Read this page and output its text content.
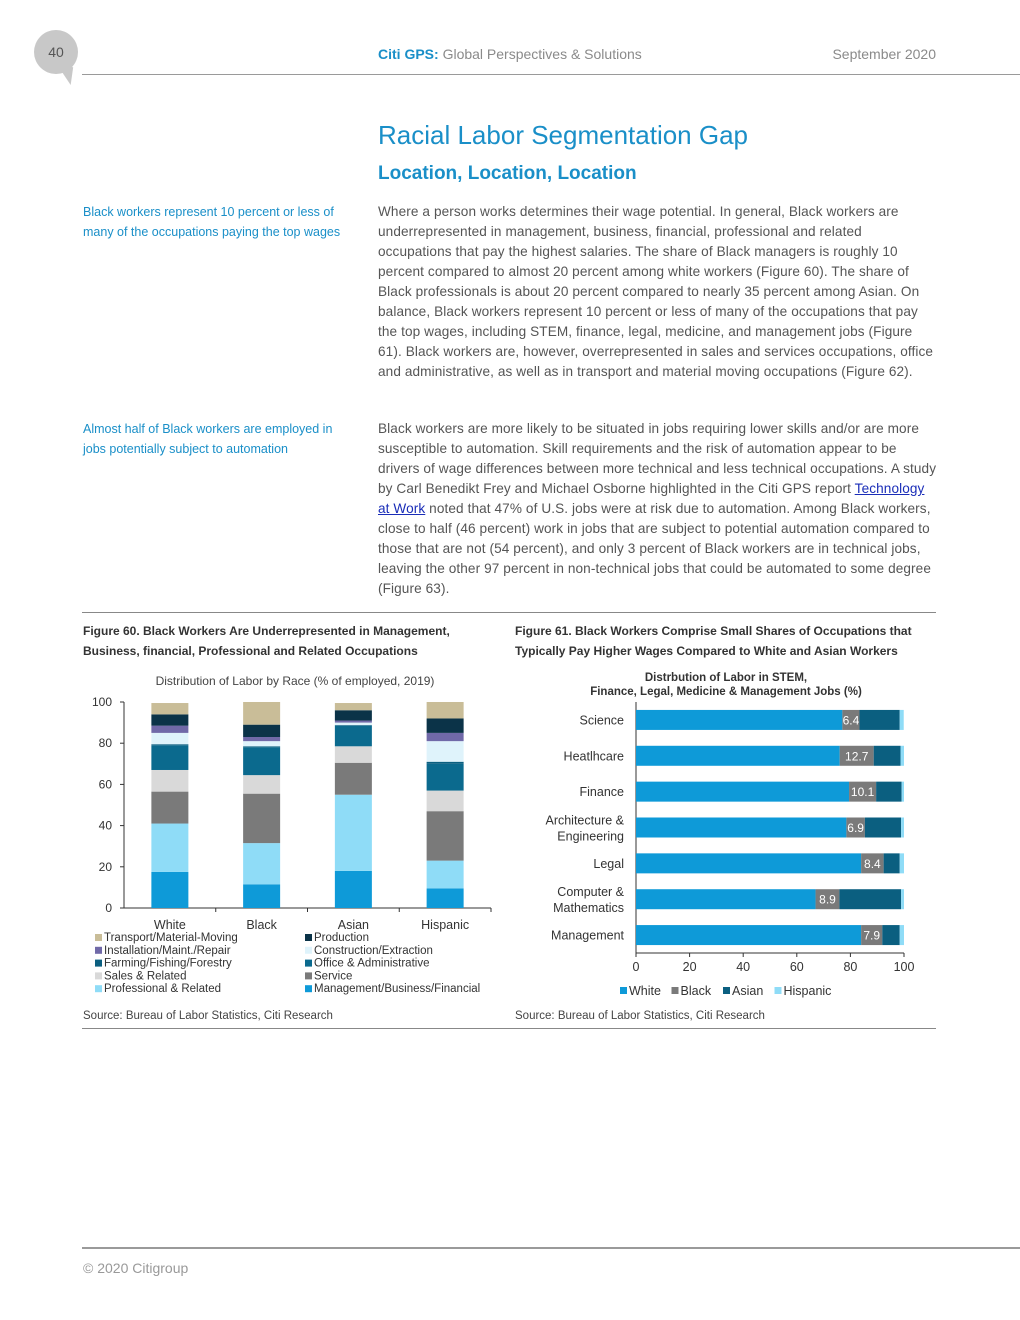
40	Citi GPS: Global Perspectives & Solutions	September 2020
Racial Labor Segmentation Gap
Location, Location, Location
Black workers represent 10 percent or less of many of the occupations paying the top wages
Almost half of Black workers are employed in jobs potentially subject to automation
Where a person works determines their wage potential. In general, Black workers are underrepresented in management, business, financial, professional and related occupations that pay the highest salaries. The share of Black managers is roughly 10 percent compared to almost 20 percent among white workers (Figure 60). The share of Black professionals is about 20 percent compared to nearly 35 percent among Asian. On balance, Black workers represent 10 percent or less of many of the occupations that pay the top wages, including STEM, finance, legal, medicine, and management jobs (Figure 61). Black workers are, however, overrepresented in sales and services occupations, office and administrative, as well as in transport and material moving occupations (Figure 62).
Black workers are more likely to be situated in jobs requiring lower skills and/or are more susceptible to automation. Skill requirements and the risk of automation appear to be drivers of wage differences between more technical and less technical occupations. A study by Carl Benedikt Frey and Michael Osborne highlighted in the Citi GPS report Technology at Work noted that 47% of U.S. jobs were at risk due to automation. Among Black workers, close to half (46 percent) work in jobs that are subject to potential automation compared to those that are not (54 percent), and only 3 percent of Black workers are in technical jobs, leaving the other 97 percent in non-technical jobs that could be automated to some degree (Figure 63).
Figure 60. Black Workers Are Underrepresented in Management, Business, financial, Professional and Related Occupations
Figure 61. Black Workers Comprise Small Shares of Occupations that Typically Pay Higher Wages Compared to White and Asian Workers
Distribution of Labor by Race (% of employed, 2019)
0
20
40
60
80
100
White	Black	Asian	Hispanic
Transport/Material-Moving	Production
Installation/Maint./Repair	Construction/Extraction
Farming/Fishing/Forestry	Office & Administrative
Sales & Related	Service
Professional & Related	Management/Business/Financial
Distrbution of Labor in STEM,
Finance, Legal, Medicine & Management Jobs (%)
0	20	40	60	80	100
6.4
Science
12.7
Heatlhcare
10.1
Finance
6.9
Architecture & Engineering
8.4
Legal
8.9
Computer & Mathematics
7.9
Management
White Black Asian Hispanic
Source: Bureau of Labor Statistics, Citi Research	Source: Bureau of Labor Statistics, Citi Research
© 2020 Citigroup
